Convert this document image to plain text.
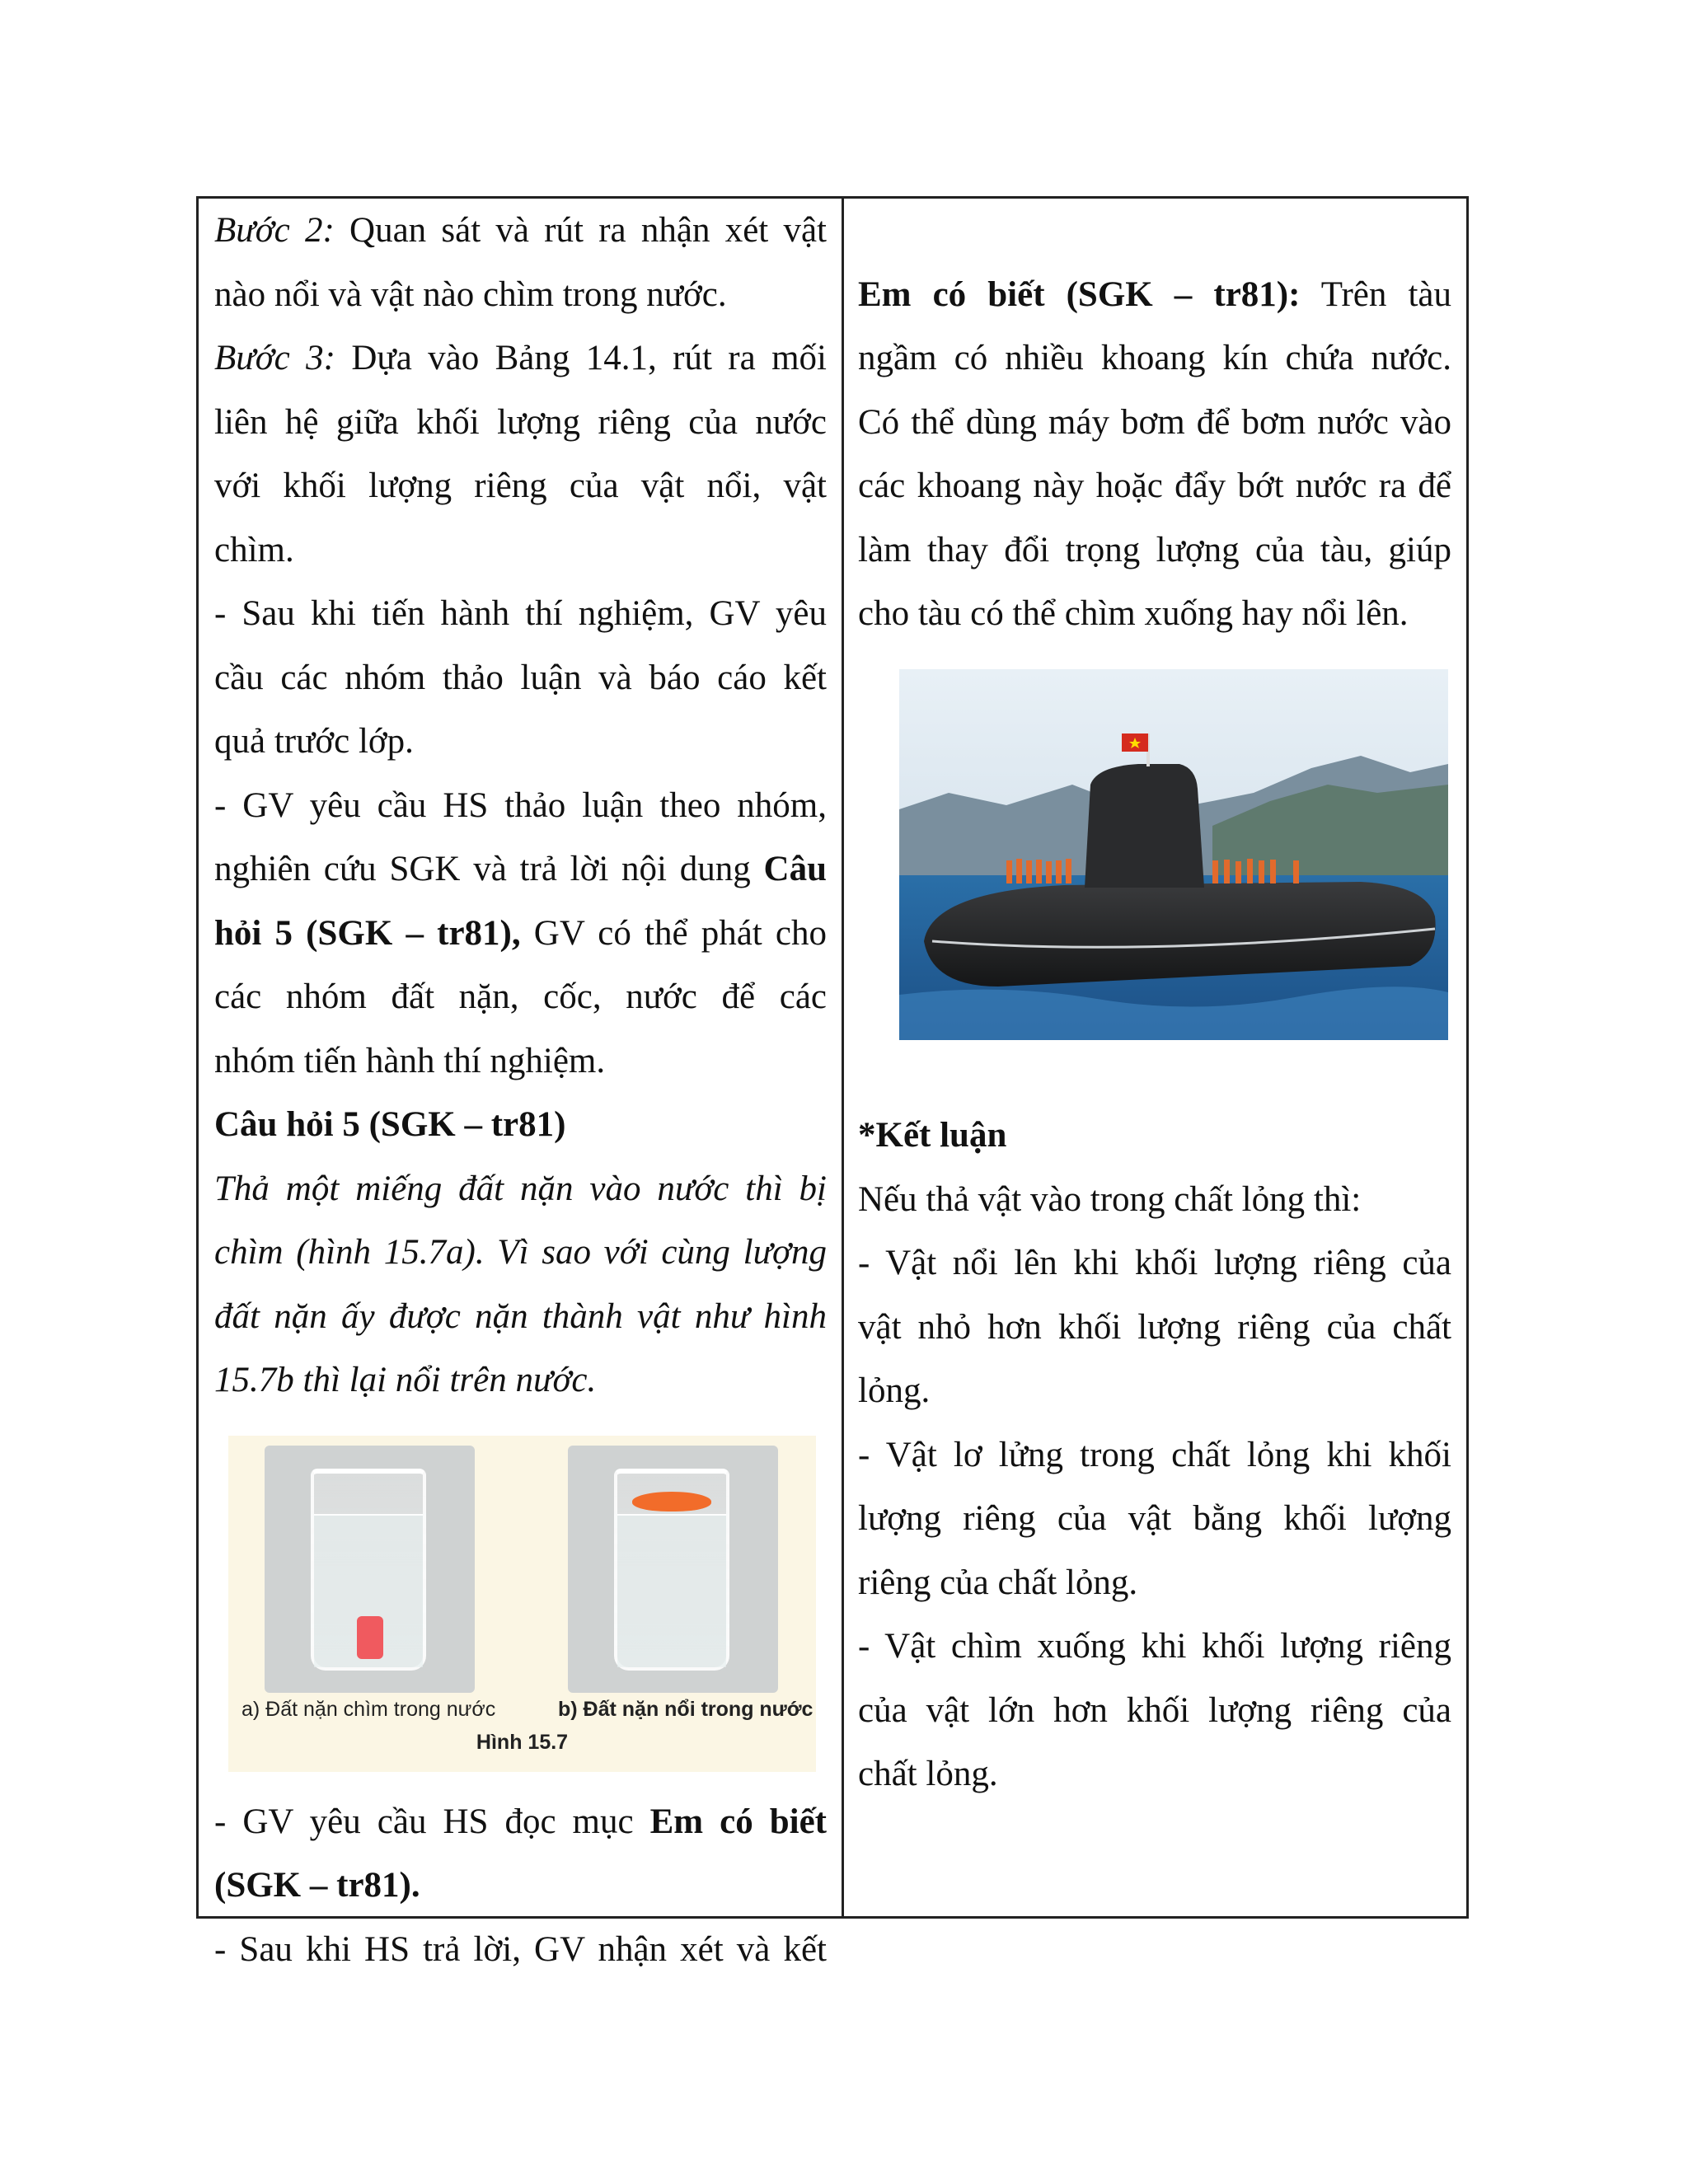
Bước 2: Quan sát và rút ra nhận xét vật
nào nổi và vật nào chìm trong nước.
Bước 3: Dựa vào Bảng 14.1, rút ra mối
liên hệ giữa khối lượng riêng của nước
với khối lượng riêng của vật nổi, vật
chìm.
- Sau khi tiến hành thí nghiệm, GV yêu
cầu các nhóm thảo luận và báo cáo kết
quả trước lớp.
- GV yêu cầu HS thảo luận theo nhóm,
nghiên cứu SGK và trả lời nội dung Câu
hỏi 5 (SGK – tr81), GV có thể phát cho
các nhóm đất nặn, cốc, nước để các
nhóm tiến hành thí nghiệm.
Câu hỏi 5 (SGK – tr81)
Thả một miếng đất nặn vào nước thì bị
chìm (hình 15.7a). Vì sao với cùng lượng
đất nặn ấy được nặn thành vật như hình
15.7b thì lại nổi trên nước.
a) Đất nặn chìm trong nước	b) Đất nặn nổi trong nước
Hình 15.7
- GV yêu cầu HS đọc mục Em có biết
(SGK – tr81).
- Sau khi HS trả lời, GV nhận xét và kết
Em có biết (SGK – tr81): Trên tàu
ngầm có nhiều khoang kín chứa nước.
Có thể dùng máy bơm để bơm nước vào
các khoang này hoặc đẩy bớt nước ra để
làm thay đổi trọng lượng của tàu, giúp
cho tàu có thể chìm xuống hay nổi lên.
*Kết luận
Nếu thả vật vào trong chất lỏng thì:
- Vật nổi lên khi khối lượng riêng của
vật nhỏ hơn khối lượng riêng của chất
lỏng.
- Vật lơ lửng trong chất lỏng khi khối
lượng riêng của vật bằng khối lượng
riêng của chất lỏng.
- Vật chìm xuống khi khối lượng riêng
của vật lớn hơn khối lượng riêng của
chất lỏng.
